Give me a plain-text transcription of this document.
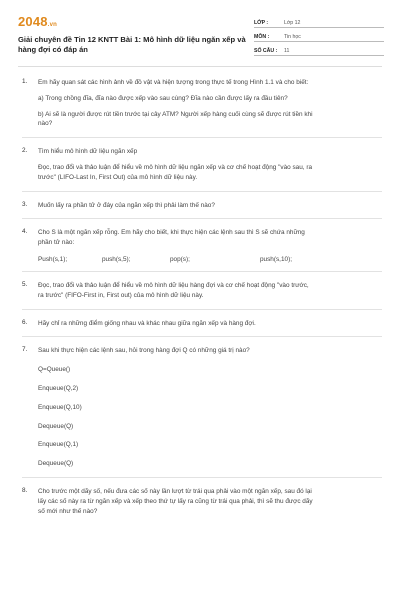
2048.vn
Giải chuyên đề Tin 12 KNTT Bài 1: Mô hình dữ liệu ngăn xếp và hàng đợi có đáp án
LỚP :	Lớp 12
MÔN :	Tin học
SỐ CÂU :	11
1. Em hãy quan sát các hình ảnh về đồ vật và hiện tượng trong thực tế trong Hình 1.1 và cho biết:
a) Trong chồng đĩa, đĩa nào được xếp vào sau cùng? Đĩa nào cần được lấy ra đầu tiên?
b) Ai sẽ là người được rút tiền trước tại cây ATM? Người xếp hàng cuối cùng sẽ được rút tiền khi
nào?
2. Tìm hiểu mô hình dữ liệu ngăn xếp
Đọc, trao đổi và thảo luận để hiểu về mô hình dữ liệu ngăn xếp và cơ chế hoạt động "vào sau, ra
trước" (LIFO-Last In, First Out) của mô hình dữ liệu này.
3. Muốn lấy ra phần tử ở đáy của ngăn xếp thì phải làm thế nào?
4. Cho S là một ngăn xếp rỗng. Em hãy cho biết, khi thực hiện các lệnh sau thì S sẽ chứa những
phần tử nào:
Push(s,1);	push(s,5);	pop(s);	push(s,10);
5. Đọc, trao đổi và thảo luận để hiểu về mô hình dữ liệu hàng đợi và cơ chế hoạt động "vào trước,
ra trước" (FIFO-First in, First out) của mô hình dữ liệu này.
6. Hãy chỉ ra những điểm giống nhau và khác nhau giữa ngăn xếp và hàng đợi.
7. Sau khi thực hiện các lệnh sau, hỏi trong hàng đợi Q có những giá trị nào?
Q=Queue()
Enqueue(Q,2)
Enqueue(Q,10)
Dequeue(Q)
Enqueue(Q,1)
Dequeue(Q)
8. Cho trước một dãy số, nếu đưa các số này lần lượt từ trái qua phải vào một ngăn xếp, sau đó lại
lấy các số này ra từ ngăn xếp và xếp theo thứ tự lấy ra cũng từ trái qua phải, thì sẽ thu được dãy
số mới như thế nào?
